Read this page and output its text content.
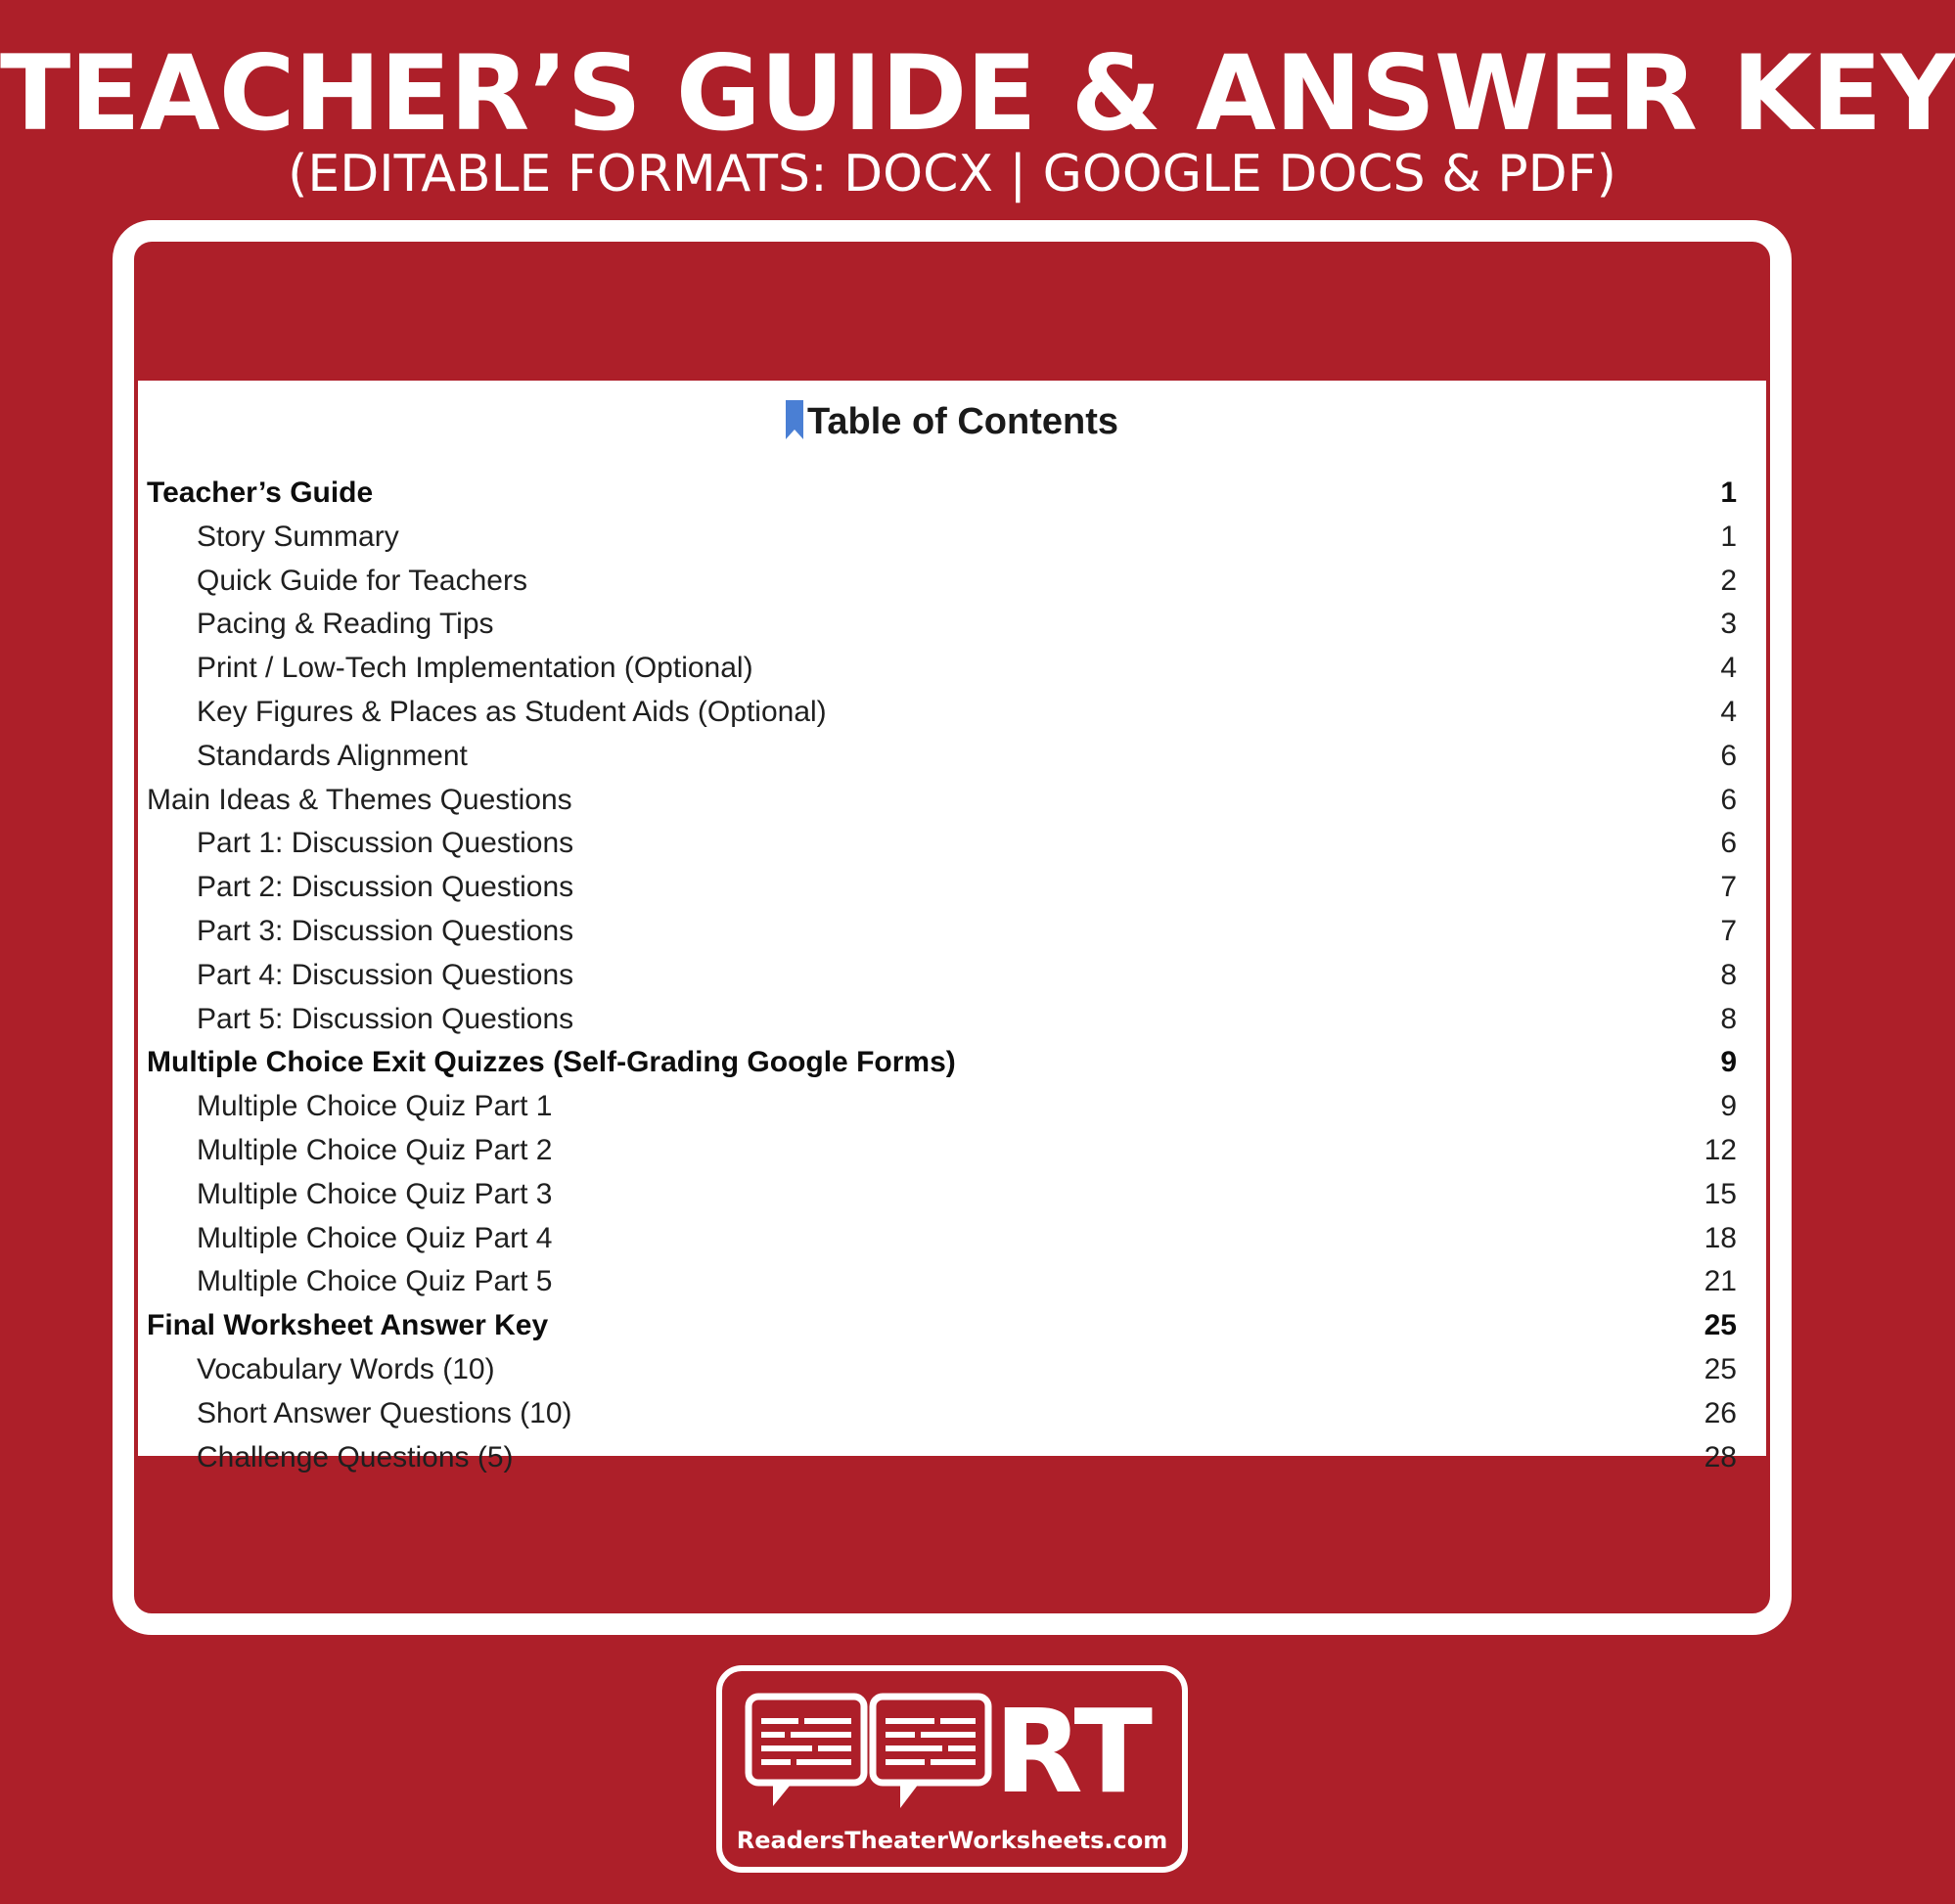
TEACHER’S GUIDE & ANSWER KEY
(EDITABLE FORMATS: DOCX | GOOGLE DOCS & PDF)
Table of Contents
Teacher’s Guide	1
Story Summary	1
Quick Guide for Teachers	2
Pacing & Reading Tips	3
Print / Low-Tech Implementation (Optional)	4
Key Figures & Places as Student Aids (Optional)	4
Standards Alignment	6
Main Ideas & Themes Questions	6
Part 1: Discussion Questions	6
Part 2: Discussion Questions	7
Part 3: Discussion Questions	7
Part 4: Discussion Questions	8
Part 5: Discussion Questions	8
Multiple Choice Exit Quizzes (Self-Grading Google Forms)	9
Multiple Choice Quiz Part 1	9
Multiple Choice Quiz Part 2	12
Multiple Choice Quiz Part 3	15
Multiple Choice Quiz Part 4	18
Multiple Choice Quiz Part 5	21
Final Worksheet Answer Key	25
Vocabulary Words (10)	25
Short Answer Questions (10)	26
Challenge Questions (5)	28
RT
ReadersTheaterWorksheets.com
